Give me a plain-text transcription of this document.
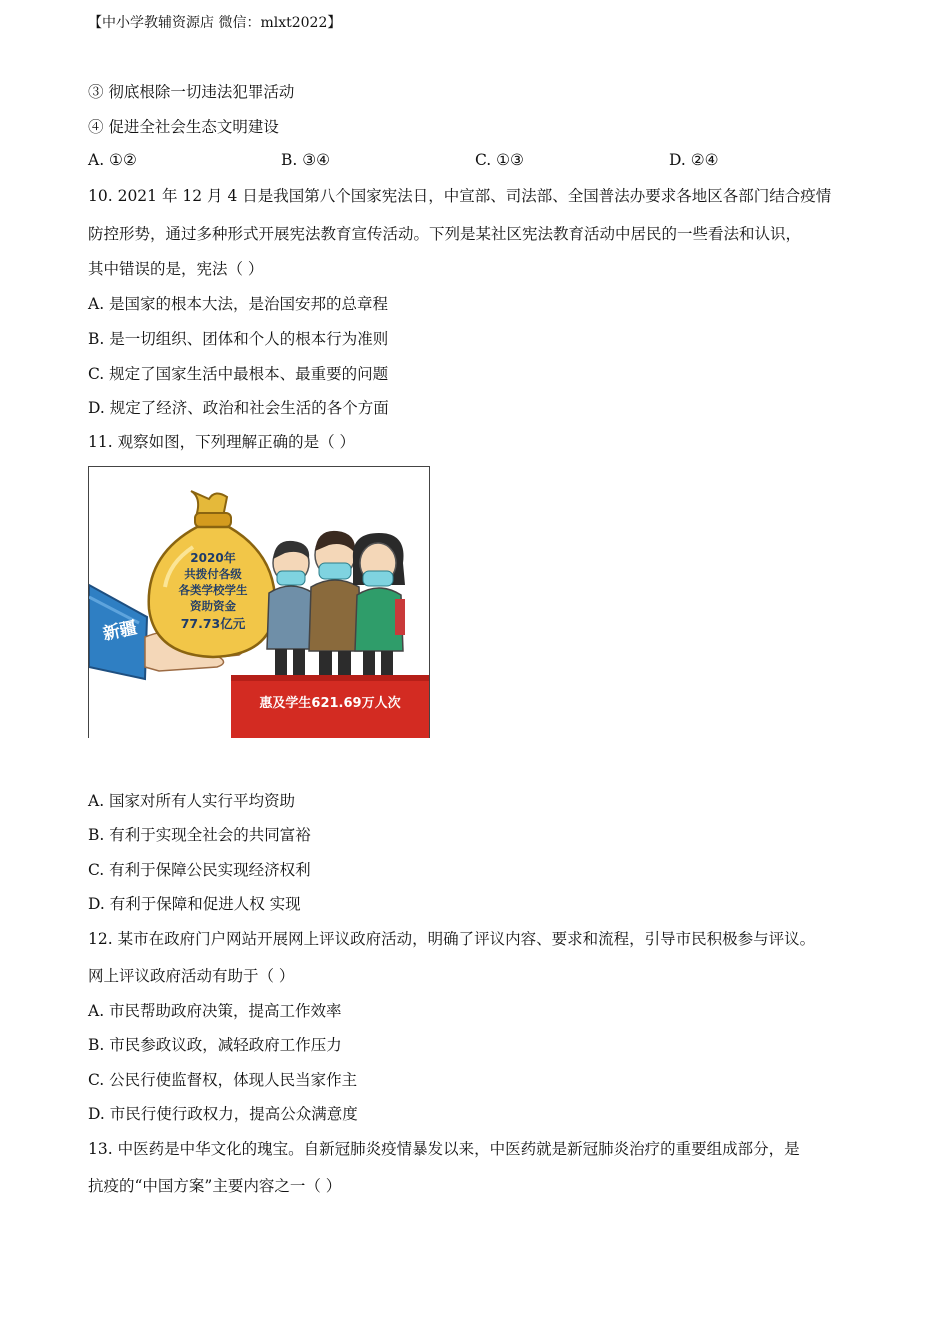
【中小学教辅资源店 微信：mlxt2022】
③ 彻底根除一切违法犯罪活动
④ 促进全社会生态文明建设
A. ①②	B. ③④	C. ①③	D. ②④
10. 2021 年 12 月 4 日是我国第八个国家宪法日，中宣部、司法部、全国普法办要求各地区各部门结合疫情
防控形势，通过多种形式开展宪法教育宣传活动。下列是某社区宪法教育活动中居民的一些看法和认识，
其中错误的是，宪法（ ）
A. 是国家的根本大法，是治国安邦的总章程
B. 是一切组织、团体和个人的根本行为准则
C. 规定了国家生活中最根本、最重要的问题
D. 规定了经济、政治和社会生活的各个方面
11. 观察如图，下列理解正确的是（ ）
新疆
2020年
共拨付各级
各类学校学生
资助资金
77.73亿元
惠及学生621.69万人次
A. 国家对所有人实行平均资助
B. 有利于实现全社会的共同富裕
C. 有利于保障公民实现经济权利
D. 有利于保障和促进人权 实现
12. 某市在政府门户网站开展网上评议政府活动，明确了评议内容、要求和流程，引导市民积极参与评议。
网上评议政府活动有助于（ ）
A. 市民帮助政府决策，提高工作效率
B. 市民参政议政，减轻政府工作压力
C. 公民行使监督权，体现人民当家作主
D. 市民行使行政权力，提高公众满意度
13. 中医药是中华文化的瑰宝。自新冠肺炎疫情暴发以来，中医药就是新冠肺炎治疗的重要组成部分，是
抗疫的“中国方案”主要内容之一（ ）
